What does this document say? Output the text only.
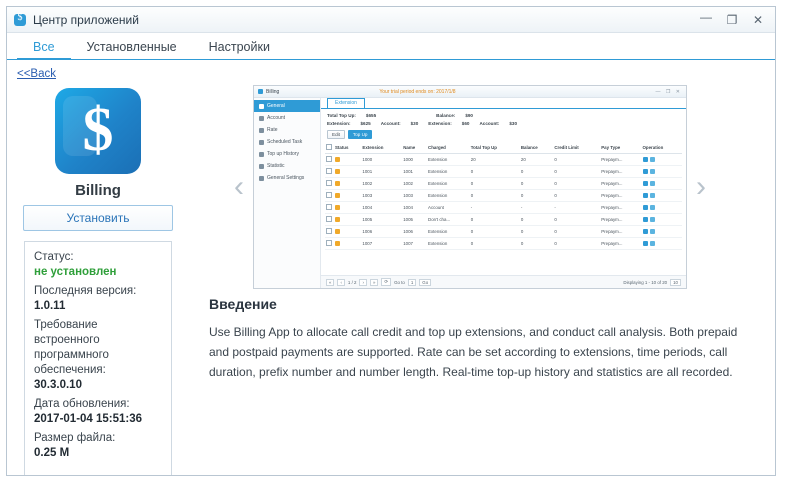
$
Центр приложений	— ❐ ✕
Все	Установленные	Настройки
<<Back
$
Billing
Установить
Статус:
не установлен
Последняя версия:
1.0.11
Требование встроенного программного обеспечения:
30.3.0.10
Дата обновления:
2017-01-04 15:51:36
Размер файла:
0.25 M
‹
Billing	Your trial period ends on: 2017/1/8	— ❐ ✕
General
Account
Rate
Scheduled Task
Top up History
Statistic
General Settings
Extension
Total Top Up: $655	Balance: $90
Extension: $625 Account: $30 Extension: $60 Account: $30
Edit	Top Up
	Status	Extension	Name	Charged	Total Top Up	Balance	Credit Limit	Pay Type	Operation
		1000	1000	Extension	20	20	0	Prepaym...	
		1001	1001	Extension	0	0	0	Prepaym...	
		1002	1002	Extension	0	0	0	Prepaym...	
		1003	1003	Extension	0	0	0	Prepaym...	
		1004	1004	Account	-	-	-	Prepaym...	
		1005	1005	Don't cha...	0	0	0	Prepaym...	
		1006	1006	Extension	0	0	0	Prepaym...	
		1007	1007	Extension	0	0	0	Prepaym...	
«	‹	1 / 2	›	»	⟳	Go to	1	Go	Displaying 1 - 10 of 20	10
›
Введение

Use Billing App to allocate call credit and top up extensions, and conduct call analysis. Both prepaid and postpaid payments are supported. Rate can be set according to extensions, time periods, call duration, prefix number and number length. Real-time top-up history and statistics are all recorded.
